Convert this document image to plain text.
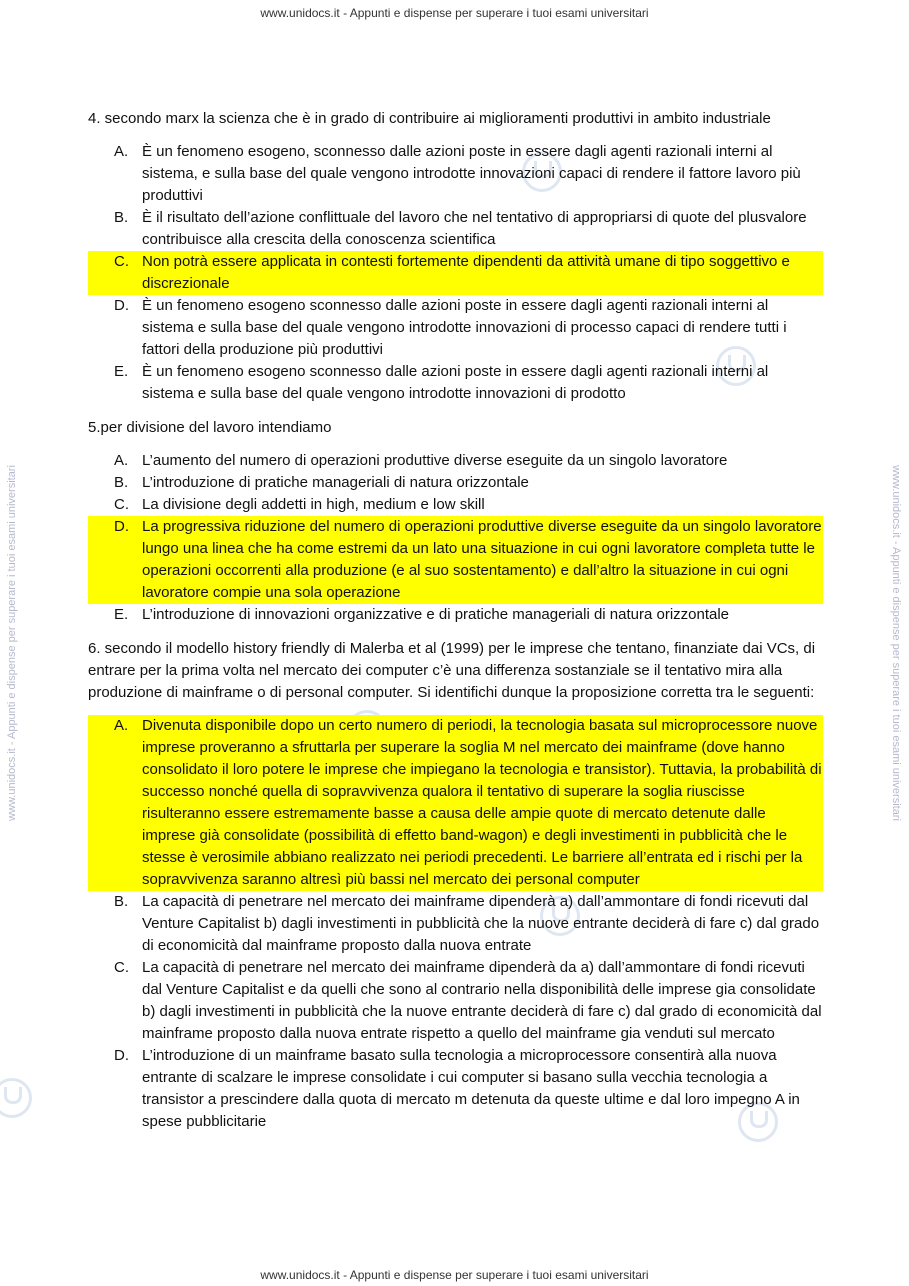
www.unidocs.it - Appunti e dispense per superare i tuoi esami universitari
www.unidocs.it - Appunti e dispense per superare i tuoi esami universitari
www.unidocs.it - Appunti e dispense per superare i tuoi esami universitari	www.unidocs.it - Appunti e dispense per superare i tuoi esami universitari

4. secondo marx la scienza che è in grado di contribuire ai miglioramenti produttivi in ambito industriale

A. È un fenomeno esogeno, sconnesso dalle azioni poste in essere dagli agenti razionali interni al sistema, e sulla base del quale vengono introdotte innovazioni capaci di rendere il fattore lavoro più produttivi
B. È il risultato dell’azione conflittuale del lavoro che nel tentativo di appropriarsi di quote del plusvalore contribuisce alla crescita della conoscenza scientifica
C. Non potrà essere applicata in contesti fortemente dipendenti da attività umane di tipo soggettivo e discrezionale
D. È un fenomeno esogeno sconnesso dalle azioni poste in essere dagli agenti razionali interni al sistema e sulla base del quale vengono introdotte innovazioni di processo capaci di rendere tutti i fattori della produzione più produttivi
E. È un fenomeno esogeno sconnesso dalle azioni poste in essere dagli agenti razionali interni al sistema e sulla base del quale vengono introdotte innovazioni di prodotto

5.per divisione del lavoro intendiamo

A. L’aumento del numero di operazioni produttive diverse eseguite da un singolo lavoratore
B. L’introduzione di pratiche manageriali di natura orizzontale
C. La divisione degli addetti in high, medium e low skill
D. La progressiva riduzione del numero di operazioni produttive diverse eseguite da un singolo lavoratore lungo una linea che ha come estremi da un lato una situazione in cui ogni lavoratore completa tutte le operazioni occorrenti alla produzione (e al suo sostentamento) e dall’altro la situazione in cui ogni lavoratore compie una sola operazione
E. L’introduzione di innovazioni organizzative e di pratiche manageriali di natura orizzontale

6. secondo il modello history friendly di Malerba et al (1999) per le imprese che tentano, finanziate dai VCs, di entrare per la prima volta nel mercato dei computer c’è una differenza sostanziale se il tentativo mira alla produzione di mainframe o di personal computer. Si identifichi dunque la proposizione corretta tra le seguenti:

A. Divenuta disponibile dopo un certo numero di periodi, la tecnologia basata sul microprocessore nuove imprese proveranno a sfruttarla per superare la soglia M nel mercato dei mainframe (dove hanno consolidato il loro potere le imprese che impiegano la tecnologia e transistor). Tuttavia, la probabilità di successo nonché quella di sopravvivenza qualora il tentativo di superare la soglia riuscisse risulteranno essere estremamente basse a causa delle ampie quote di mercato detenute dalle imprese già consolidate (possibilità di effetto band-wagon) e degli investimenti in pubblicità che le stesse è verosimile abbiano realizzato nei periodi precedenti. Le barriere all’entrata ed i rischi per la sopravvivenza saranno altresì più bassi nel mercato dei personal computer
B. La capacità di penetrare nel mercato dei mainframe dipenderà a) dall’ammontare di fondi ricevuti dal Venture Capitalist b) dagli investimenti in pubblicità che la nuove entrante deciderà di fare c) dal grado di economicità dal mainframe proposto dalla nuova entrate
C. La capacità di penetrare nel mercato dei mainframe dipenderà da a) dall’ammontare di fondi ricevuti dal Venture Capitalist e da quelli che sono al contrario nella disponibilità delle imprese gia consolidate b) dagli investimenti in pubblicità che la nuove entrante deciderà di fare c) dal grado di economicità dal mainframe proposto dalla nuova entrate rispetto a quello del mainframe gia venduti sul mercato
D. L’introduzione di un mainframe basato sulla tecnologia a microprocessore consentirà alla nuova entrante di scalzare le imprese consolidate i cui computer si basano sulla vecchia tecnologia a transistor a prescindere dalla quota di mercato m detenuta da queste ultime e dal loro impegno A in spese pubblicitarie
